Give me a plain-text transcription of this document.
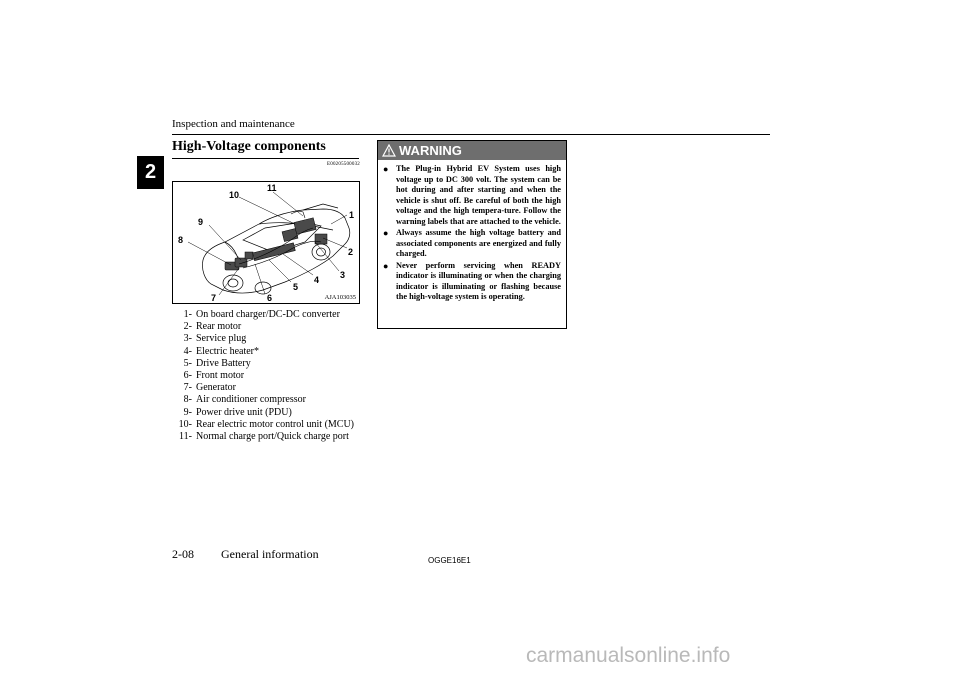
Inspection and maintenance
2
High-Voltage components
E00205500032
11
10
9
8
7	6
5
4 3
2
1
AJA103035
1- On board charger/DC-DC converter
2- Rear motor
3- Service plug
4- Electric heater*
5- Drive Battery
6- Front motor
7- Generator
8- Air conditioner compressor
9- Power drive unit (PDU)
10- Rear electric motor control unit (MCU)
11- Normal charge port/Quick charge port
WARNING
● The Plug-in Hybrid EV System uses high voltage up to DC 300 volt. The system can be hot during and after starting and when the vehicle is shut off. Be careful of both the high voltage and the high tempera-ture. Follow the warning labels that are attached to the vehicle.
● Always assume the high voltage battery and associated components are energized and fully charged.
● Never perform servicing when READY indicator is illuminating or when the charging indicator is illuminating or flashing because the high-voltage system is operating.
2-08 General information	OGGE16E1
carmanualsonline.info
